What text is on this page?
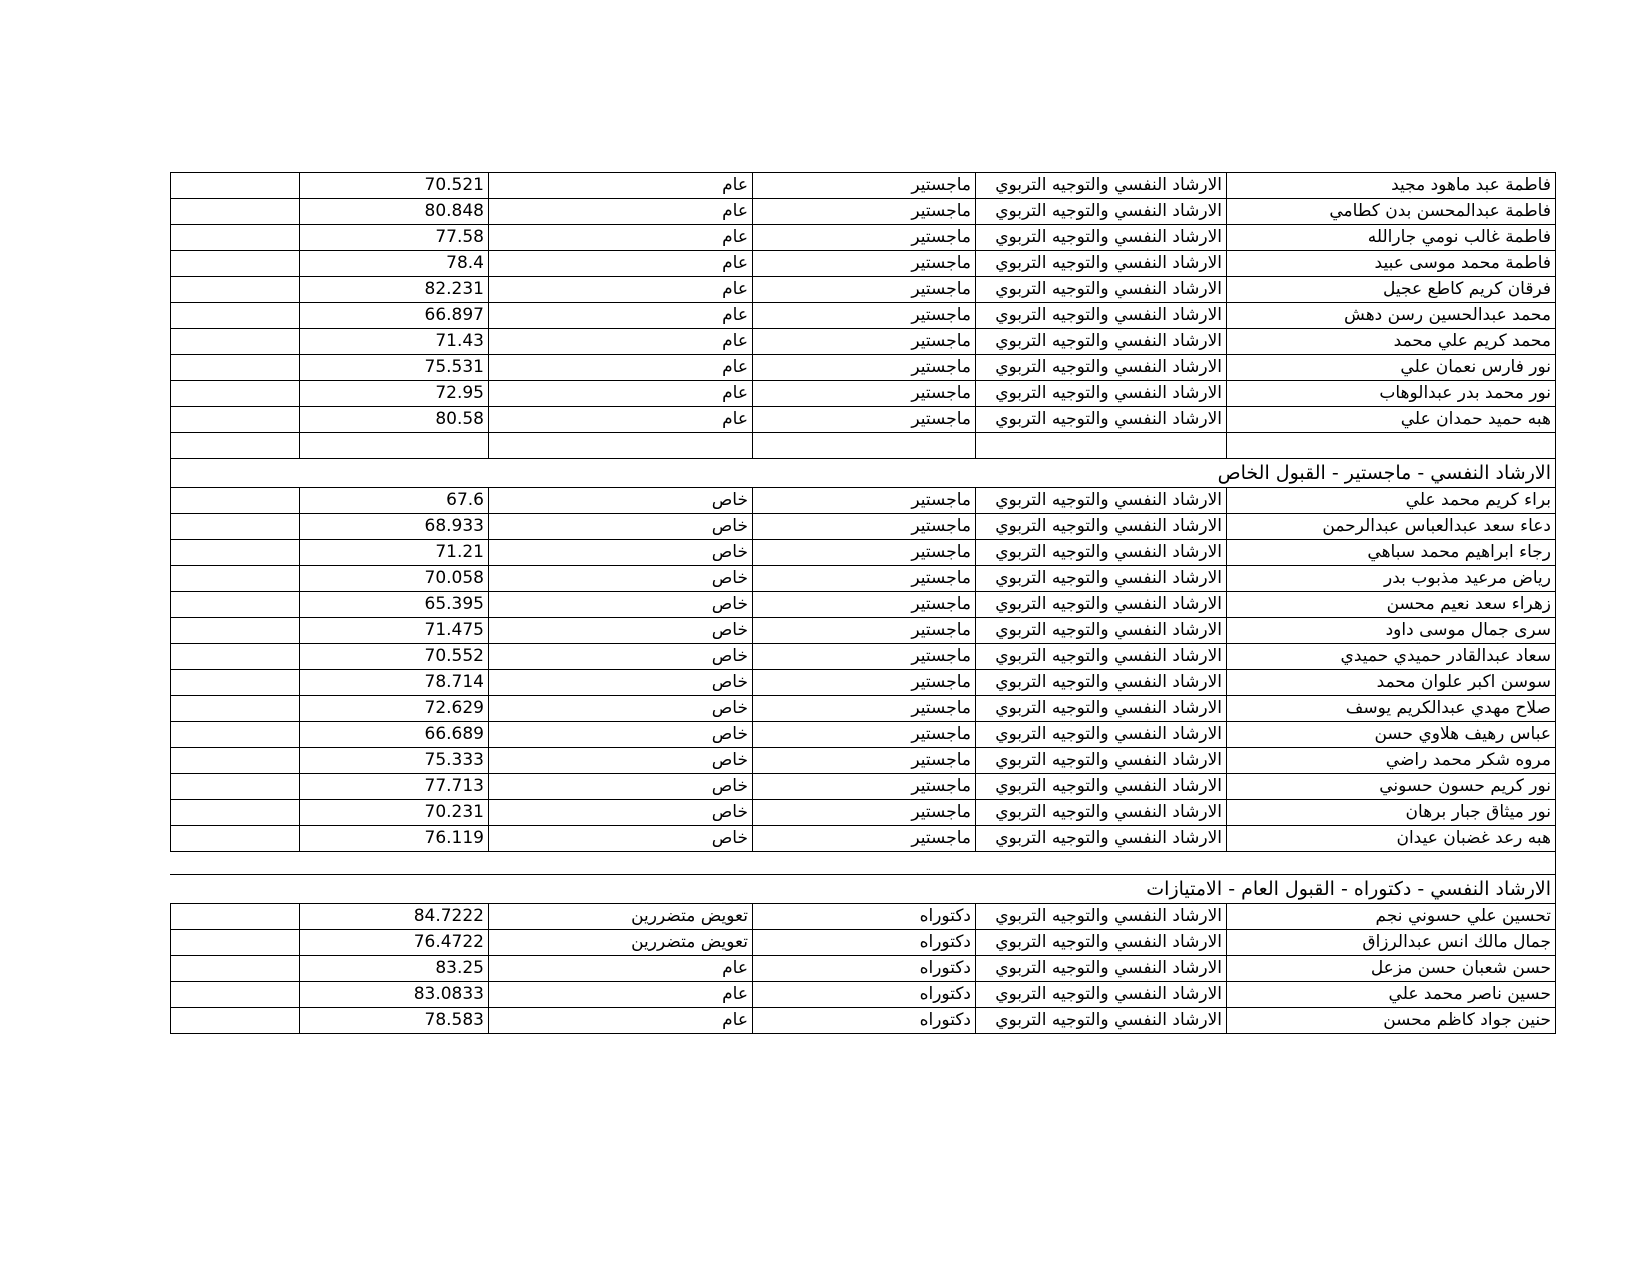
	70.521	عام	ماجستير	الارشاد النفسي والتوجيه التربوي	فاطمة عبد ماهود مجيد
	80.848	عام	ماجستير	الارشاد النفسي والتوجيه التربوي	فاطمة عبدالمحسن بدن كطامي
	77.58	عام	ماجستير	الارشاد النفسي والتوجيه التربوي	فاطمة غالب نومي جارالله
	78.4	عام	ماجستير	الارشاد النفسي والتوجيه التربوي	فاطمة محمد موسى عبيد
	82.231	عام	ماجستير	الارشاد النفسي والتوجيه التربوي	فرقان كريم كاطع عجيل
	66.897	عام	ماجستير	الارشاد النفسي والتوجيه التربوي	محمد عبدالحسين رسن دهش
	71.43	عام	ماجستير	الارشاد النفسي والتوجيه التربوي	محمد كريم علي محمد
	75.531	عام	ماجستير	الارشاد النفسي والتوجيه التربوي	نور فارس نعمان علي
	72.95	عام	ماجستير	الارشاد النفسي والتوجيه التربوي	نور محمد بدر عبدالوهاب
	80.58	عام	ماجستير	الارشاد النفسي والتوجيه التربوي	هبه حميد حمدان علي

الارشاد النفسي - ماجستير - القبول الخاص
	67.6	خاص	ماجستير	الارشاد النفسي والتوجيه التربوي	براء كريم محمد علي
	68.933	خاص	ماجستير	الارشاد النفسي والتوجيه التربوي	دعاء سعد عبدالعباس عبدالرحمن
	71.21	خاص	ماجستير	الارشاد النفسي والتوجيه التربوي	رجاء ابراهيم محمد سباهي
	70.058	خاص	ماجستير	الارشاد النفسي والتوجيه التربوي	رياض مرعيد مذبوب بدر
	65.395	خاص	ماجستير	الارشاد النفسي والتوجيه التربوي	زهراء سعد نعيم محسن
	71.475	خاص	ماجستير	الارشاد النفسي والتوجيه التربوي	سرى جمال موسى داود
	70.552	خاص	ماجستير	الارشاد النفسي والتوجيه التربوي	سعاد عبدالقادر حميدي حميدي
	78.714	خاص	ماجستير	الارشاد النفسي والتوجيه التربوي	سوسن اكبر علوان محمد
	72.629	خاص	ماجستير	الارشاد النفسي والتوجيه التربوي	صلاح مهدي عبدالكريم يوسف
	66.689	خاص	ماجستير	الارشاد النفسي والتوجيه التربوي	عباس رهيف هلاوي حسن
	75.333	خاص	ماجستير	الارشاد النفسي والتوجيه التربوي	مروه شكر محمد راضي
	77.713	خاص	ماجستير	الارشاد النفسي والتوجيه التربوي	نور كريم حسون حسوني
	70.231	خاص	ماجستير	الارشاد النفسي والتوجيه التربوي	نور ميثاق جبار برهان
	76.119	خاص	ماجستير	الارشاد النفسي والتوجيه التربوي	هبه رعد غضبان عيدان
الارشاد النفسي - دكتوراه - القبول العام - الامتيازات
	84.7222	تعويض متضررين	دكتوراه	الارشاد النفسي والتوجيه التربوي	تحسين علي حسوني نجم
	76.4722	تعويض متضررين	دكتوراه	الارشاد النفسي والتوجيه التربوي	جمال مالك انس عبدالرزاق
	83.25	عام	دكتوراه	الارشاد النفسي والتوجيه التربوي	حسن شعبان حسن مزعل
	83.0833	عام	دكتوراه	الارشاد النفسي والتوجيه التربوي	حسين ناصر محمد علي
	78.583	عام	دكتوراه	الارشاد النفسي والتوجيه التربوي	حنين جواد كاظم محسن
